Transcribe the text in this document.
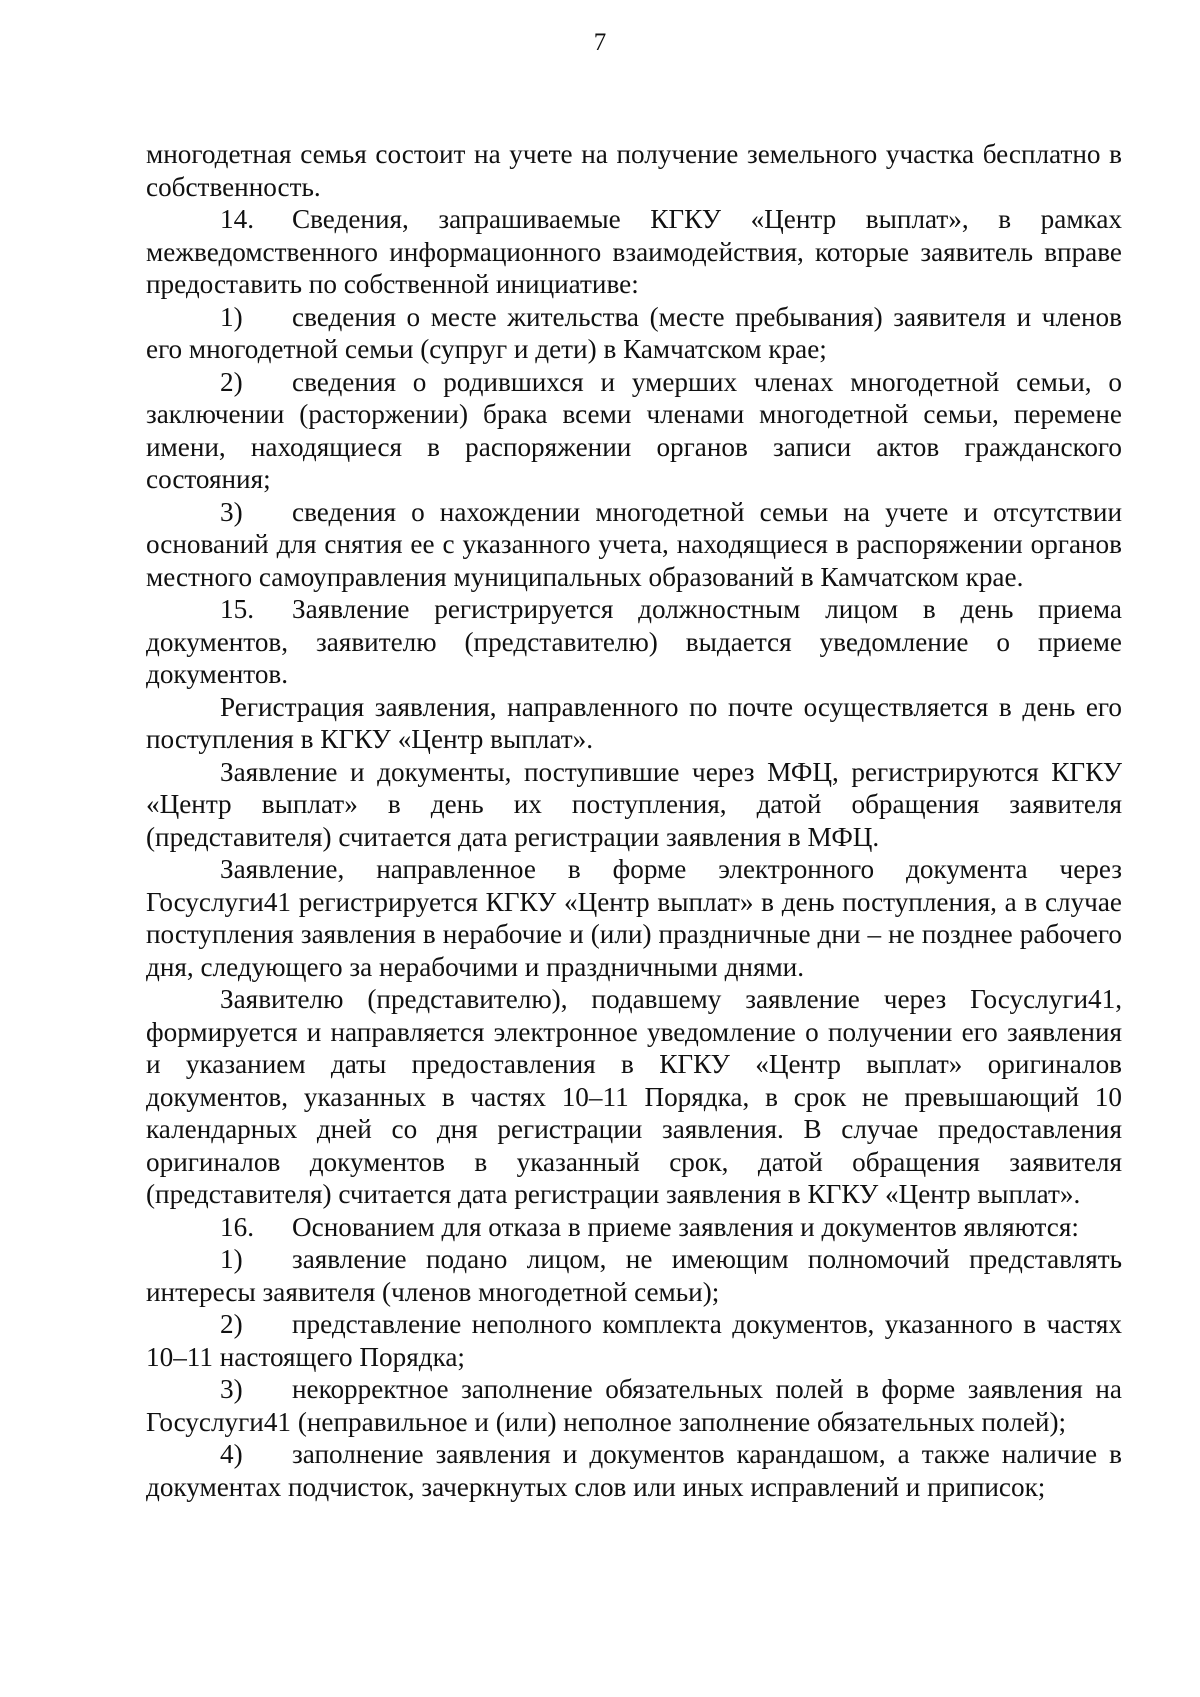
7

многодетная семья состоит на учете на получение земельного участка бесплатно в собственность.

14. Сведения, запрашиваемые КГКУ «Центр выплат», в рамках межведомственного информационного взаимодействия, которые заявитель вправе предоставить по собственной инициативе:

1) сведения о месте жительства (месте пребывания) заявителя и членов его многодетной семьи (супруг и дети) в Камчатском крае;

2) сведения о родившихся и умерших членах многодетной семьи, о заключении (расторжении) брака всеми членами многодетной семьи, перемене имени, находящиеся в распоряжении органов записи актов гражданского состояния;

3) сведения о нахождении многодетной семьи на учете и отсутствии оснований для снятия ее с указанного учета, находящиеся в распоряжении органов местного самоуправления муниципальных образований в Камчатском крае.

15. Заявление регистрируется должностным лицом в день приема документов, заявителю (представителю) выдается уведомление о приеме документов.

Регистрация заявления, направленного по почте осуществляется в день его поступления в КГКУ «Центр выплат».

Заявление и документы, поступившие через МФЦ, регистрируются КГКУ «Центр выплат» в день их поступления, датой обращения заявителя (представителя) считается дата регистрации заявления в МФЦ.

Заявление, направленное в форме электронного документа через Госуслуги41 регистрируется КГКУ «Центр выплат» в день поступления, а в случае поступления заявления в нерабочие и (или) праздничные дни – не позднее рабочего дня, следующего за нерабочими и праздничными днями.

Заявителю (представителю), подавшему заявление через Госуслуги41, формируется и направляется электронное уведомление о получении его заявления и указанием даты предоставления в КГКУ «Центр выплат» оригиналов документов, указанных в частях 10–11 Порядка, в срок не превышающий 10 календарных дней со дня регистрации заявления. В случае предоставления оригиналов документов в указанный срок, датой обращения заявителя (представителя) считается дата регистрации заявления в КГКУ «Центр выплат».

16. Основанием для отказа в приеме заявления и документов являются:

1) заявление подано лицом, не имеющим полномочий представлять интересы заявителя (членов многодетной семьи);

2) представление неполного комплекта документов, указанного в частях 10–11 настоящего Порядка;

3) некорректное заполнение обязательных полей в форме заявления на Госуслуги41 (неправильное и (или) неполное заполнение обязательных полей);

4) заполнение заявления и документов карандашом, а также наличие в документах подчисток, зачеркнутых слов или иных исправлений и приписок;
